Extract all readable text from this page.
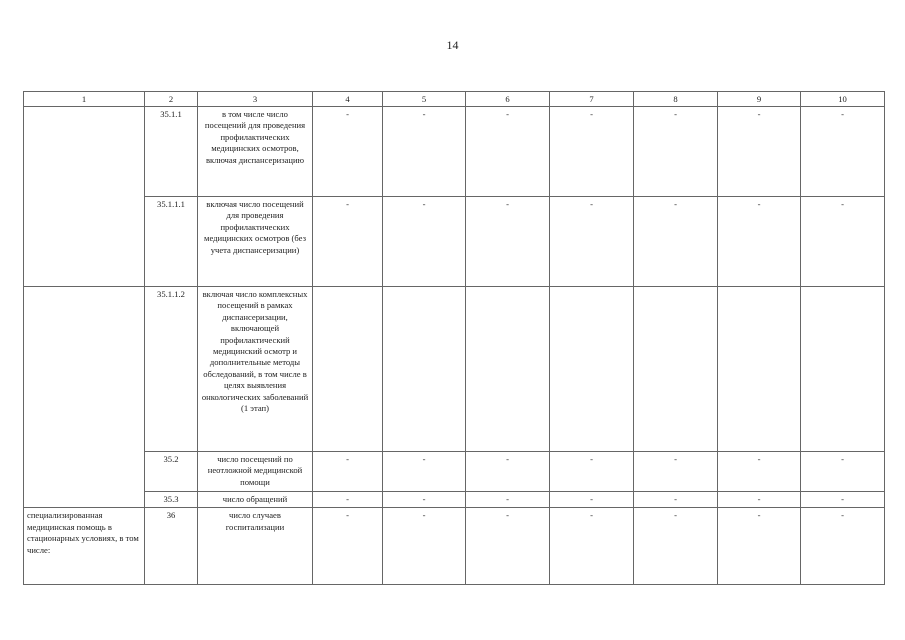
14
1	2	3	4	5	6	7	8	9	10
	35.1.1	в том числе число посещений для проведения профилактических медицинских осмотров, включая диспансеризацию	-	-	-	-	-	-	-
	35.1.1.1	включая число посещений для проведения профилактических медицинских осмотров (без учета диспансеризации)	-	-	-	-	-	-	-
	35.1.1.2	включая число комплексных посещений в рамках диспансеризации, включающей профилактический медицинский осмотр и дополнительные методы обследований, в том числе в целях выявления онкологических заболеваний (1 этап)							
	35.2	число посещений по неотложной медицинской помощи	-	-	-	-	-	-	-
	35.3	число обращений	-	-	-	-	-	-	-
специализированная медицинская помощь в стационарных условиях, в том числе:	36	число случаев госпитализации	-	-	-	-	-	-	-
